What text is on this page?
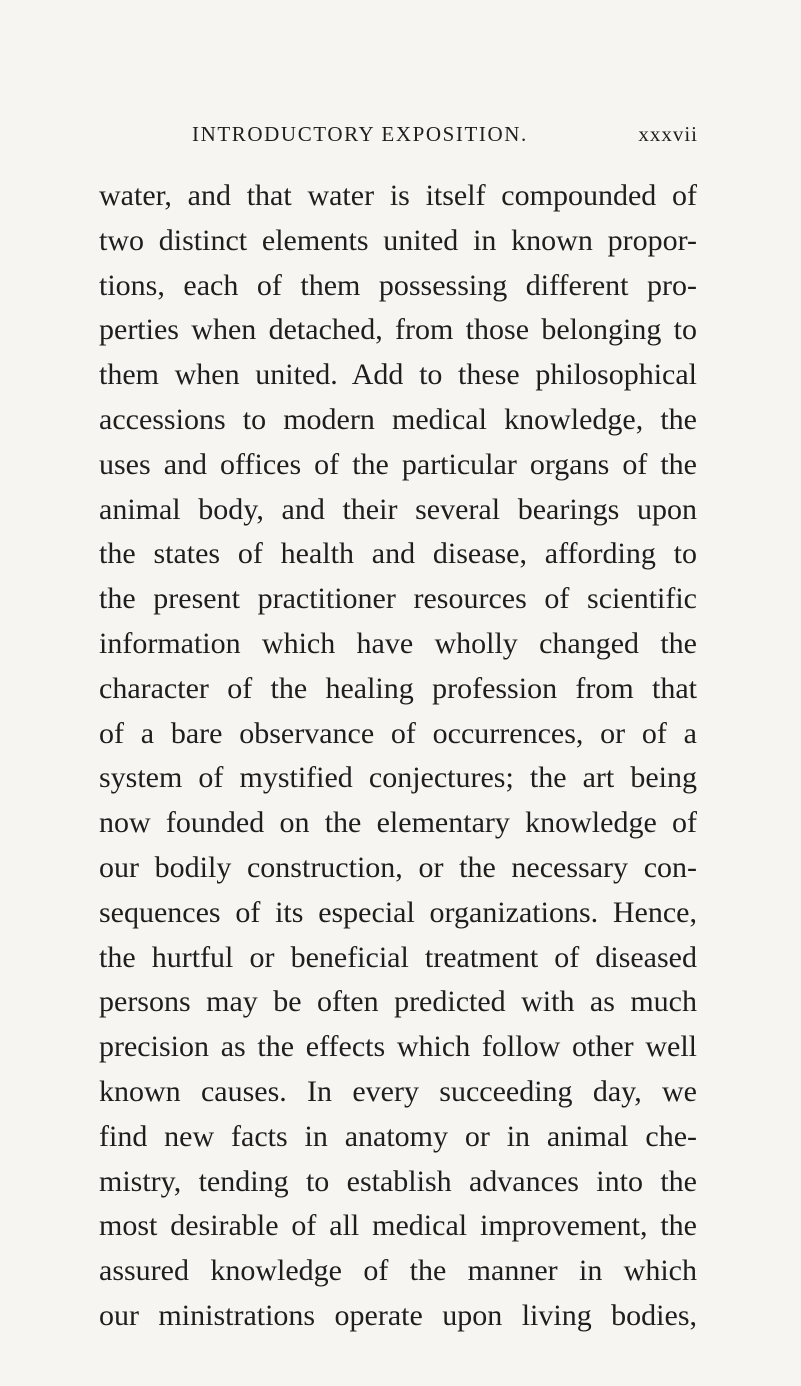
INTRODUCTORY EXPOSITION.	xxxvii
water, and that water is itself compounded of
two distinct elements united in known propor-
tions, each of them possessing different pro-
perties when detached, from those belonging to
them when united. Add to these philosophical
accessions to modern medical knowledge, the
uses and offices of the particular organs of the
animal body, and their several bearings upon
the states of health and disease, affording to
the present practitioner resources of scientific
information which have wholly changed the
character of the healing profession from that
of a bare observance of occurrences, or of a
system of mystified conjectures; the art being
now founded on the elementary knowledge of
our bodily construction, or the necessary con-
sequences of its especial organizations. Hence,
the hurtful or beneficial treatment of diseased
persons may be often predicted with as much
precision as the effects which follow other well
known causes. In every succeeding day, we
find new facts in anatomy or in animal che-
mistry, tending to establish advances into the
most desirable of all medical improvement, the
assured knowledge of the manner in which
our ministrations operate upon living bodies,
